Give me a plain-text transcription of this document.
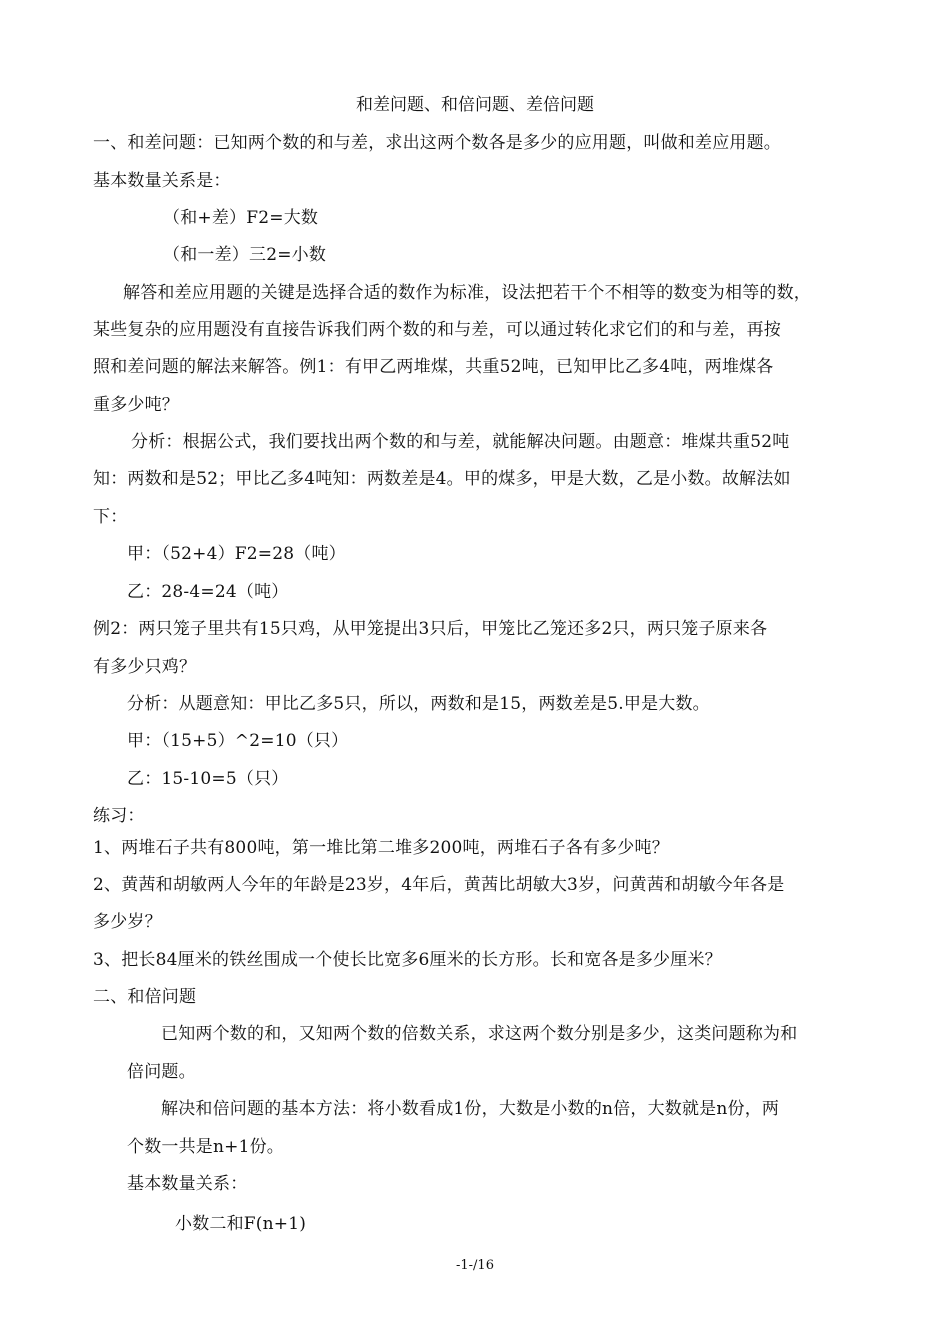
和差问题、和倍问题、差倍问题
一、和差问题：已知两个数的和与差，求出这两个数各是多少的应用题，叫做和差应用题。
基本数量关系是：
（和+差）F2=大数
（和一差）三2=小数
解答和差应用题的关键是选择合适的数作为标准，设法把若干个不相等的数变为相等的数，
某些复杂的应用题没有直接告诉我们两个数的和与差，可以通过转化求它们的和与差，再按
照和差问题的解法来解答。例1：有甲乙两堆煤，共重52吨，已知甲比乙多4吨，两堆煤各
重多少吨？
分析：根据公式，我们要找出两个数的和与差，就能解决问题。由题意：堆煤共重52吨
知：两数和是52；甲比乙多4吨知：两数差是4。甲的煤多，甲是大数，乙是小数。故解法如
下：
甲：（52+4）F2=28（吨）
乙：28-4=24（吨）
例2：两只笼子里共有15只鸡，从甲笼提出3只后，甲笼比乙笼还多2只，两只笼子原来各
有多少只鸡？
分析：从题意知：甲比乙多5只，所以，两数和是15，两数差是5.甲是大数。
甲：（15+5）^2=10（只）
乙：15-10=5（只）
练习：
1、两堆石子共有800吨，第一堆比第二堆多200吨，两堆石子各有多少吨？
2、黄茜和胡敏两人今年的年龄是23岁，4年后，黄茜比胡敏大3岁，问黄茜和胡敏今年各是
多少岁？
3、把长84厘米的铁丝围成一个使长比宽多6厘米的长方形。长和宽各是多少厘米？
二、和倍问题
已知两个数的和，又知两个数的倍数关系，求这两个数分别是多少，这类问题称为和
倍问题。
解决和倍问题的基本方法：将小数看成1份，大数是小数的n倍，大数就是n份，两
个数一共是n+1份。
基本数量关系：
小数二和F(n+1)
-1-/16
